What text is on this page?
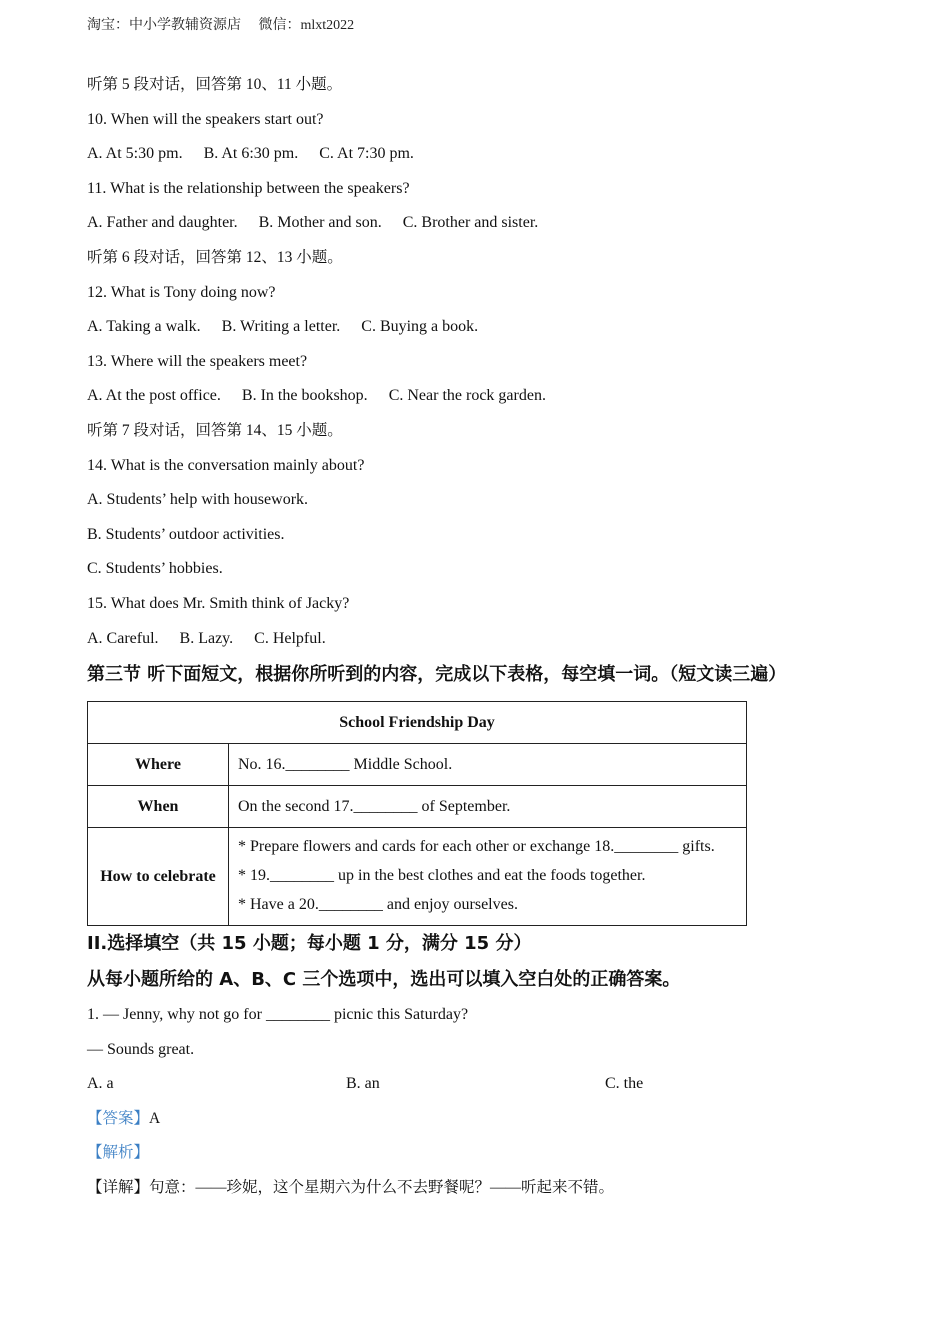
淘宝：中小学教辅资源店 微信：mlxt2022
听第 5 段对话，回答第 10、11 小题。
10. When will the speakers start out?
A. At 5:30 pm. B. At 6:30 pm. C. At 7:30 pm.
11. What is the relationship between the speakers?
A. Father and daughter. B. Mother and son. C. Brother and sister.
听第 6 段对话，回答第 12、13 小题。
12. What is Tony doing now?
A. Taking a walk. B. Writing a letter. C. Buying a book.
13. Where will the speakers meet?
A. At the post office. B. In the bookshop. C. Near the rock garden.
听第 7 段对话，回答第 14、15 小题。
14. What is the conversation mainly about?
A. Students’ help with housework.
B. Students’ outdoor activities.
C. Students’ hobbies.
15. What does Mr. Smith think of Jacky?
A. Careful. B. Lazy. C. Helpful.
第三节 听下面短文，根据你所听到的内容，完成以下表格，每空填一词。（短文读三遍）
School Friendship Day	
Where	No. 16.________ Middle School.
When	On the second 17.________ of September.
How to celebrate	* Prepare flowers and cards for each other or exchange 18.________ gifts.
* 19.________ up in the best clothes and eat the foods together.
* Have a 20.________ and enjoy ourselves.
II.选择填空（共 15 小题；每小题 1 分，满分 15 分）
从每小题所给的 A、B、C 三个选项中，选出可以填入空白处的正确答案。
1. — Jenny, why not go for ________ picnic this Saturday?
— Sounds great.
A. a	B. an	C. the
【答案】A
【解析】
【详解】句意：——珍妮，这个星期六为什么不去野餐呢？——听起来不错。
